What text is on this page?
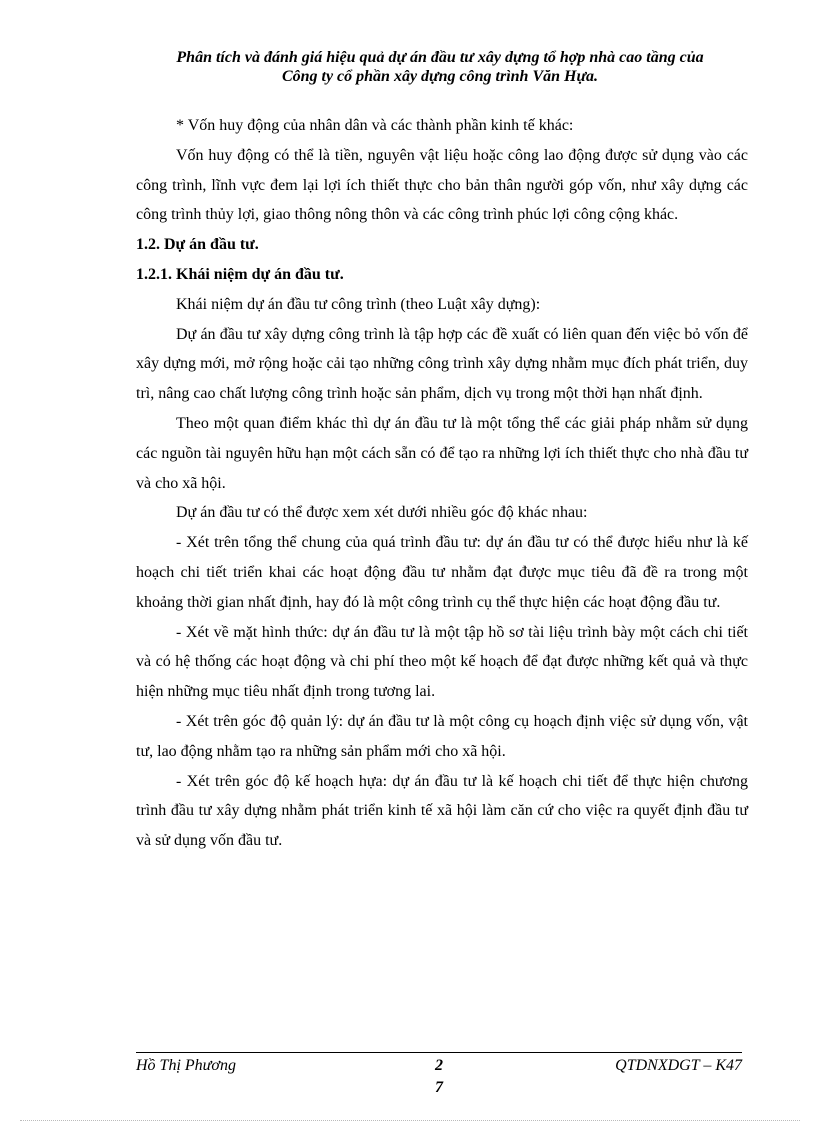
Phân tích và đánh giá hiệu quả dự án đầu tư xây dựng tổ hợp nhà cao tầng của
Công ty cổ phần xây dựng công trình Văn Hựa.

* Vốn huy động của nhân dân và các thành phần kinh tế khác:

Vốn huy động có thể là tiền, nguyên vật liệu hoặc công lao động được sử dụng vào các công trình, lĩnh vực đem lại lợi ích thiết thực cho bản thân người góp vốn, như xây dựng các công trình thủy lợi, giao thông nông thôn và các công trình phúc lợi công cộng khác.

1.2. Dự án đầu tư.

1.2.1. Khái niệm dự án đầu tư.

Khái niệm dự án đầu tư công trình (theo Luật xây dựng):

Dự án đầu tư xây dựng công trình là tập hợp các đề xuất có liên quan đến việc bỏ vốn để xây dựng mới, mở rộng hoặc cải tạo những công trình xây dựng nhằm mục đích phát triển, duy trì, nâng cao chất lượng công trình hoặc sản phẩm, dịch vụ trong một thời hạn nhất định.

Theo một quan điểm khác thì dự án đầu tư là một tổng thể các giải pháp nhằm sử dụng các nguồn tài nguyên hữu hạn một cách sẵn có để tạo ra những lợi ích thiết thực cho nhà đầu tư và cho xã hội.

Dự án đầu tư có thể được xem xét dưới nhiều góc độ khác nhau:

- Xét trên tổng thể chung của quá trình đầu tư: dự án đầu tư có thể được hiểu như là kế hoạch chi tiết triển khai các hoạt động đầu tư nhằm đạt được mục tiêu đã đề ra trong một khoảng thời gian nhất định, hay đó là một công trình cụ thể thực hiện các hoạt động đầu tư.

- Xét về mặt hình thức: dự án đầu tư là một tập hồ sơ tài liệu trình bày một cách chi tiết và có hệ thống các hoạt động và chi phí theo một kế hoạch để đạt được những kết quả và thực hiện những mục tiêu nhất định trong tương lai.

- Xét trên góc độ quản lý: dự án đầu tư là một công cụ hoạch định việc sử dụng vốn, vật tư, lao động nhằm tạo ra những sản phẩm mới cho xã hội.

- Xét trên góc độ kế hoạch hựa: dự án đầu tư là kế hoạch chi tiết để thực hiện chương trình đầu tư xây dựng nhằm phát triển kinh tế xã hội làm căn cứ cho việc ra quyết định đầu tư và sử dụng vốn đầu tư.

Hồ Thị Phương	2
7
QTDNXDGT – K47
